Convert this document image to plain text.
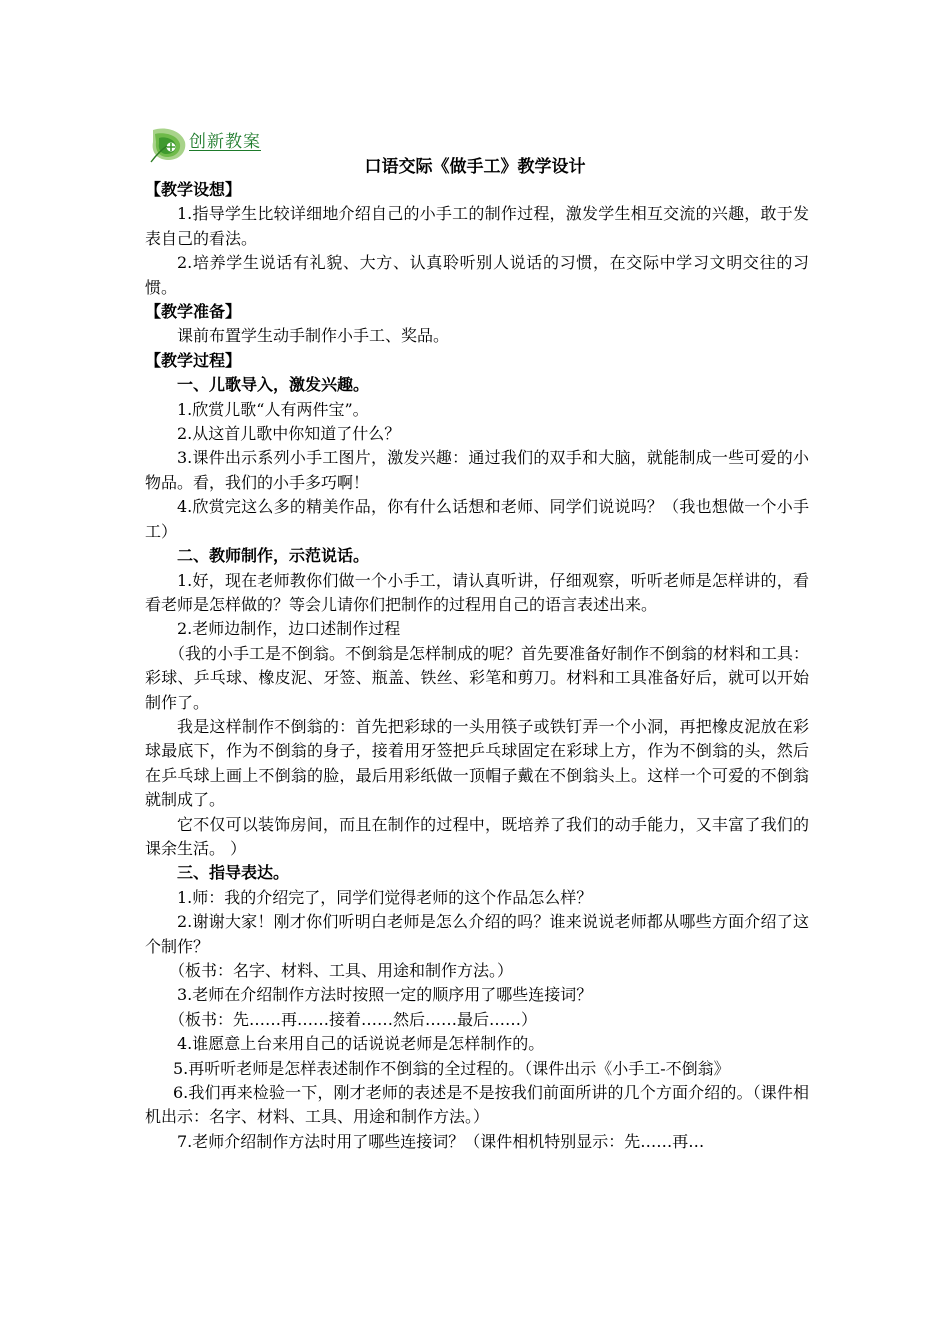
创新教案
口语交际《做手工》教学设计

【教学设想】

1.指导学生比较详细地介绍自己的小手工的制作过程，激发学生相互交流的兴趣，敢于发表自己的看法。

2.培养学生说话有礼貌、大方、认真聆听别人说话的习惯，在交际中学习文明交往的习惯。

【教学准备】

课前布置学生动手制作小手工、奖品。

【教学过程】

一、儿歌导入，激发兴趣。

1.欣赏儿歌“人有两件宝”。

2.从这首儿歌中你知道了什么？

3.课件出示系列小手工图片，激发兴趣：通过我们的双手和大脑，就能制成一些可爱的小物品。看，我们的小手多巧啊！

4.欣赏完这么多的精美作品，你有什么话想和老师、同学们说说吗？（我也想做一个小手工）

二、教师制作，示范说话。

1.好，现在老师教你们做一个小手工，请认真听讲，仔细观察，听听老师是怎样讲的，看看老师是怎样做的？等会儿请你们把制作的过程用自己的语言表述出来。

2.老师边制作，边口述制作过程

（我的小手工是不倒翁。不倒翁是怎样制成的呢？首先要准备好制作不倒翁的材料和工具：彩球、乒乓球、橡皮泥、牙签、瓶盖、铁丝、彩笔和剪刀。材料和工具准备好后，就可以开始制作了。

我是这样制作不倒翁的：首先把彩球的一头用筷子或铁钉弄一个小洞，再把橡皮泥放在彩球最底下，作为不倒翁的身子，接着用牙签把乒乓球固定在彩球上方，作为不倒翁的头，然后在乒乓球上画上不倒翁的脸，最后用彩纸做一顶帽子戴在不倒翁头上。这样一个可爱的不倒翁就制成了。

它不仅可以装饰房间，而且在制作的过程中，既培养了我们的动手能力，又丰富了我们的课余生活。 ）

三、指导表达。

1.师：我的介绍完了，同学们觉得老师的这个作品怎么样？

2.谢谢大家！刚才你们听明白老师是怎么介绍的吗？谁来说说老师都从哪些方面介绍了这个制作？

（板书：名字、材料、工具、用途和制作方法。）

3.老师在介绍制作方法时按照一定的顺序用了哪些连接词？

（板书：先……再……接着……然后……最后……）

4.谁愿意上台来用自己的话说说老师是怎样制作的。

5.再听听老师是怎样表述制作不倒翁的全过程的。（课件出示《小手工-不倒翁》

6.我们再来检验一下，刚才老师的表述是不是按我们前面所讲的几个方面介绍的。（课件相机出示：名字、材料、工具、用途和制作方法。）

7.老师介绍制作方法时用了哪些连接词？（课件相机特别显示：先……再…
